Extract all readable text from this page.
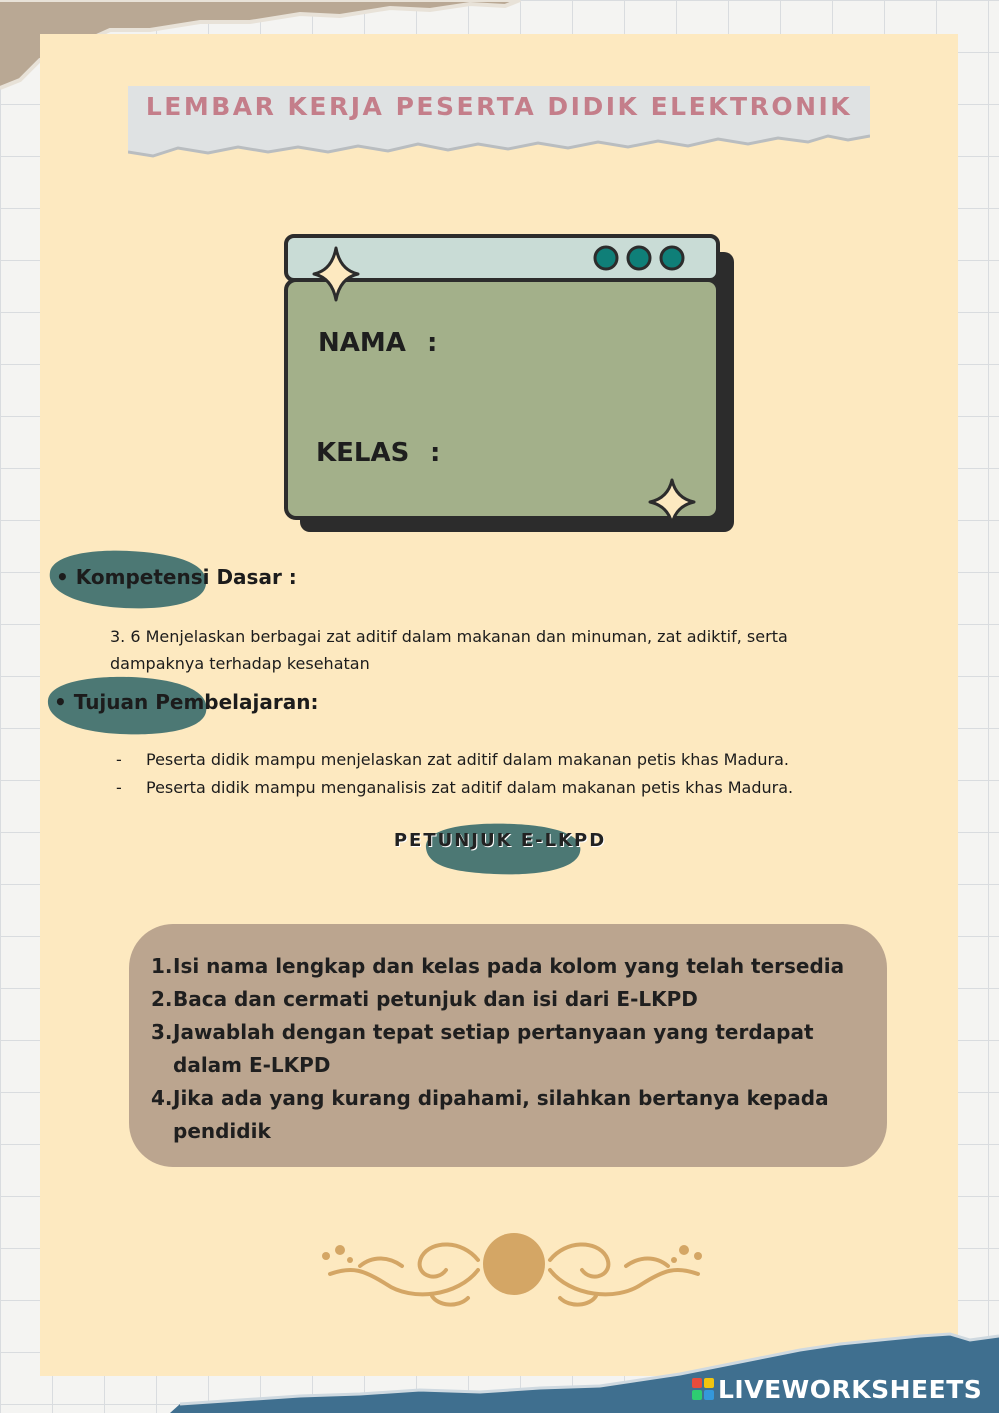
LEMBAR KERJA PESERTA DIDIK ELEKTRONIK
NAMA :
KELAS :
• Kompetensi Dasar :
3. 6 Menjelaskan berbagai zat aditif dalam makanan dan minuman, zat adiktif, serta dampaknya terhadap kesehatan
• Tujuan Pembelajaran:
- Peserta didik mampu menjelaskan zat aditif dalam makanan petis khas Madura.
- Peserta didik mampu menganalisis zat aditif dalam makanan petis khas Madura.
PETUNJUK E-LKPD
1. Isi nama lengkap dan kelas pada kolom yang telah tersedia
2. Baca dan cermati petunjuk dan isi dari E-LKPD
3. Jawablah dengan tepat setiap pertanyaan yang terdapat dalam E-LKPD
4. Jika ada yang kurang dipahami, silahkan bertanya kepada pendidik
LIVEWORKSHEETS
